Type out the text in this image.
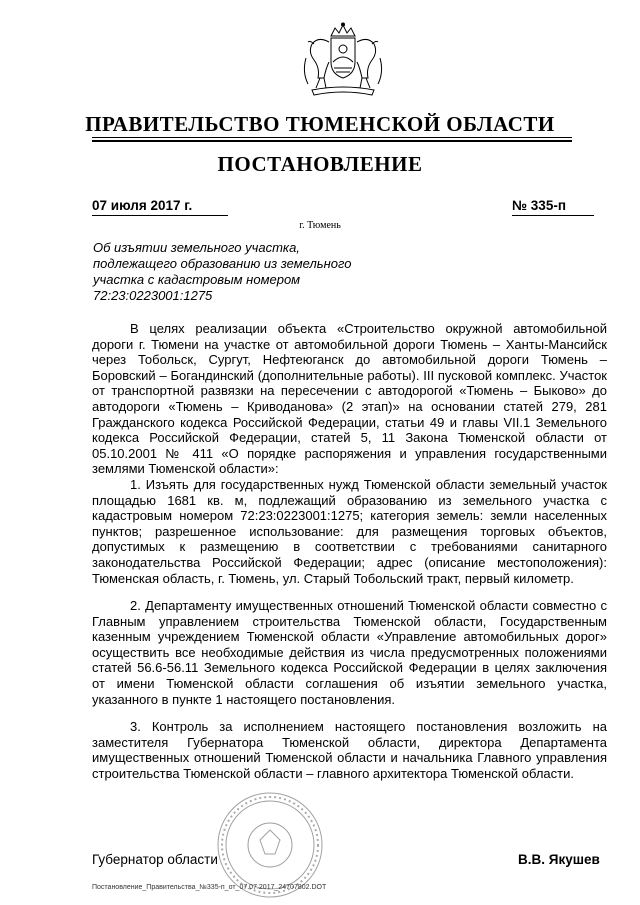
ПРАВИТЕЛЬСТВО ТЮМЕНСКОЙ ОБЛАСТИ
ПОСТАНОВЛЕНИЕ
07 июля 2017 г.	№ 335-п
г. Тюмень
Об изъятии земельного участка,
подлежащего образованию из земельного
участка с кадастровым номером
72:23:0223001:1275

В целях реализации объекта «Строительство окружной автомобильной дороги г. Тюмени на участке от автомобильной дороги Тюмень – Ханты-Мансийск через Тобольск, Сургут, Нефтеюганск до автомобильной дороги Тюмень – Боровский – Богандинский (дополнительные работы). III пусковой комплекс. Участок от транспортной развязки на пересечении с автодорогой «Тюмень – Быково» до автодороги «Тюмень – Криводанова» (2 этап)» на основании статей 279, 281 Гражданского кодекса Российской Федерации, статьи 49 и главы VII.1 Земельного кодекса Российской Федерации, статей 5, 11 Закона Тюменской области от 05.10.2001 № 411 «О порядке распоряжения и управления государственными землями Тюменской области»:

1. Изъять для государственных нужд Тюменской области земельный участок площадью 1681 кв. м, подлежащий образованию из земельного участка с кадастровым номером 72:23:0223001:1275; категория земель: земли населенных пунктов; разрешенное использование: для размещения торговых объектов, допустимых к размещению в соответствии с требованиями санитарного законодательства Российской Федерации; адрес (описание местоположения): Тюменская область, г. Тюмень, ул. Старый Тобольский тракт, первый километр.

2. Департаменту имущественных отношений Тюменской области совместно с Главным управлением строительства Тюменской области, Государственным казенным учреждением Тюменской области «Управление автомобильных дорог» осуществить все необходимые действия из числа предусмотренных положениями статей 56.6-56.11 Земельного кодекса Российской Федерации в целях заключения от имени Тюменской области соглашения об изъятии земельного участка, указанного в пункте 1 настоящего постановления.

3. Контроль за исполнением настоящего постановления возложить на заместителя Губернатора Тюменской области, директора Департамента имущественных отношений Тюменской области и начальника Главного управления строительства Тюменской области – главного архитектора Тюменской области.

Губернатор области	В.В. Якушев
Постановление_Правительства_№335-п_от_07.07.2017_24707802.DOT
